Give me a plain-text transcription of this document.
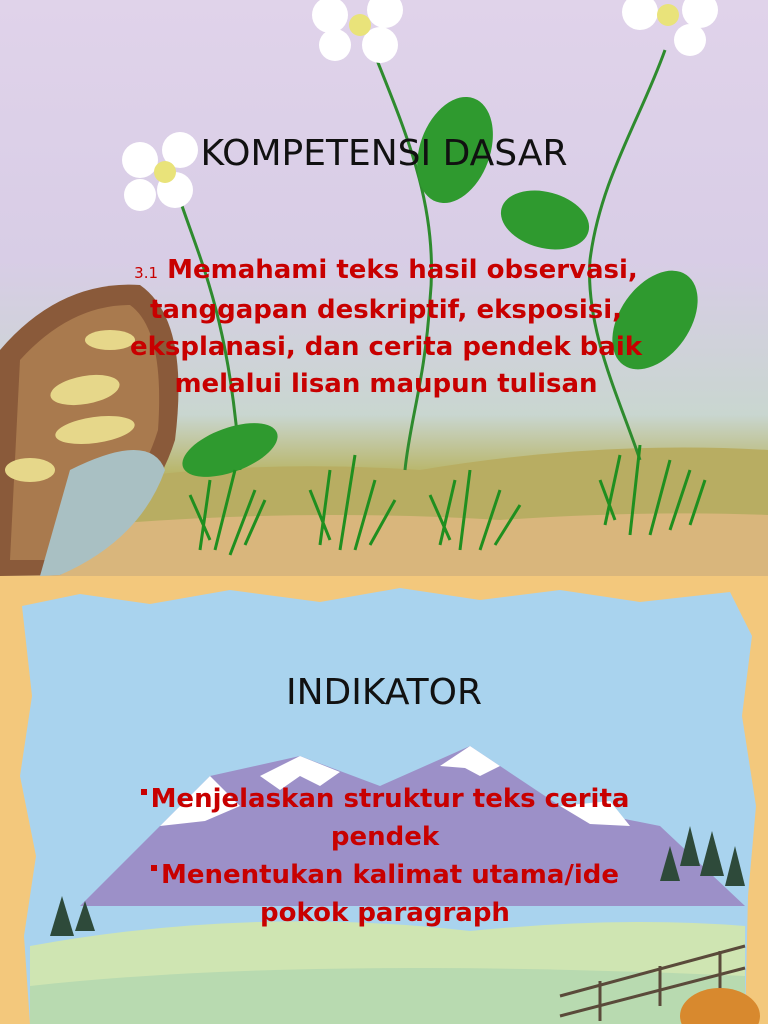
KOMPETENSI DASAR
3.1 Memahami teks hasil observasi, tanggapan deskriptif, eksposisi, eksplanasi, dan cerita pendek baik melalui lisan maupun tulisan
INDIKATOR
Menjelaskan struktur teks cerita pendek
Menentukan kalimat utama/ide pokok paragraph
